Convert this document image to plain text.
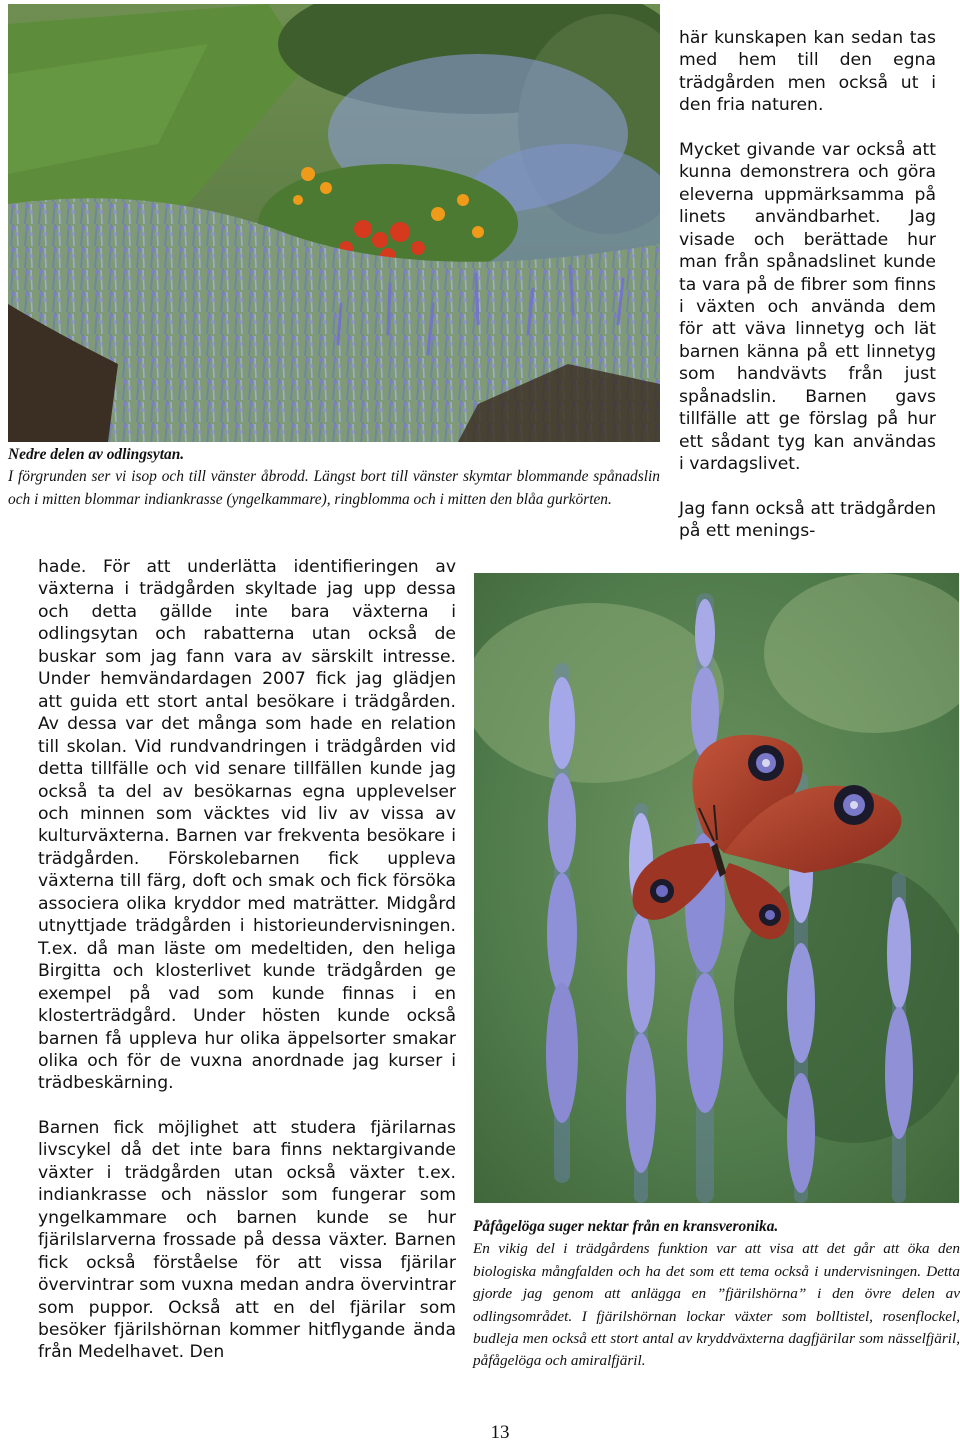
Nedre delen av odlingsytan.
I förgrunden ser vi isop och till vänster åbrodd. Längst bort till vänster skymtar blommande spånadslin och i mitten blommar indiankrasse (yngelkammare), ringblomma och i mitten den blåa gurkörten.

här kunskapen kan sedan tas med hem till den egna trädgården men också ut i den fria naturen.

Mycket givande var också att kunna demonstrera och göra eleverna uppmärksamma på linets användbarhet. Jag visade och berättade hur man från spånadslinet kunde ta vara på de fibrer som finns i växten och använda dem för att väva linnetyg och lät barnen känna på ett linnetyg som handvävts från just spånadslin. Barnen gavs tillfälle att ge förslag på hur ett sådant tyg kan användas i vardagslivet.

Jag fann också att trädgården på ett menings-

hade. För att underlätta identifieringen av växterna i trädgården skyltade jag upp dessa och detta gällde inte bara växterna i odlingsytan och rabatterna utan också de buskar som jag fann vara av särskilt intresse. Under hemvändardagen 2007 fick jag glädjen att guida ett stort antal besökare i trädgården. Av dessa var det många som hade en relation till skolan. Vid rundvandringen i trädgården vid detta tillfälle och vid senare tillfällen kunde jag också ta del av besökarnas egna upplevelser och minnen som väcktes vid liv av vissa av kulturväxterna. Barnen var frekventa besökare i trädgården. Förskolebarnen fick uppleva växterna till färg, doft och smak och fick försöka associera olika kryddor med maträtter. Midgård utnyttjade trädgården i historieundervisningen. T.ex. då man läste om medeltiden, den heliga Birgitta och klosterlivet kunde trädgården ge exempel på vad som kunde finnas i en klosterträdgård. Under hösten kunde också barnen få uppleva hur olika äppelsorter smakar olika och för de vuxna anordnade jag kurser i trädbeskärning.

Barnen fick möjlighet att studera fjärilarnas livscykel då det inte bara finns nektargivande växter i trädgården utan också växter t.ex. indiankrasse och nässlor som fungerar som yngelkammare och barnen kunde se hur fjärilslarverna frossade på dessa växter. Barnen fick också förståelse för att vissa fjärilar övervintrar som vuxna medan andra övervintrar som puppor. Också att en del fjärilar som besöker fjärilshörnan kommer hitflygande ända från Medelhavet. Den

Påfågelöga suger nektar från en kransveronika.
En vikig del i trädgårdens funktion var att visa att det går att öka den biologiska mångfalden och ha det som ett tema också i undervisningen. Detta gjorde jag genom att anlägga en ”fjärilshörna” i den övre delen av odlingsområdet. I fjärilshörnan lockar växter som bolltistel, rosenflockel, budleja men också ett stort antal av kryddväxterna dagfjärilar som nässelfjäril, påfågelöga och amiralfjäril.
13
